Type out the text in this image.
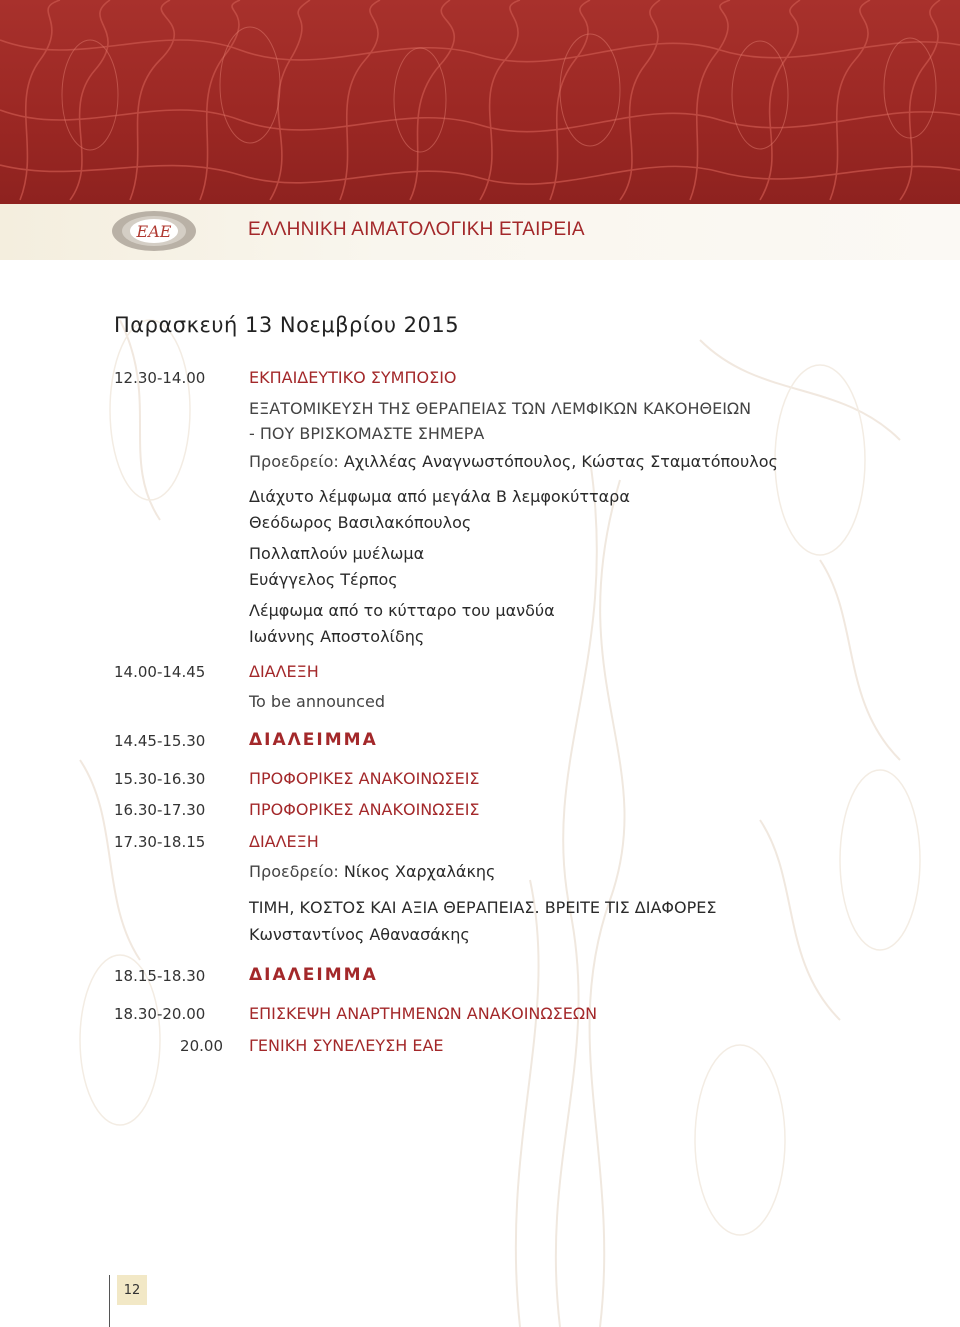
ΕΑΕ	ΕΛΛΗΝΙΚΗ ΑΙΜΑΤΟΛΟΓΙΚΗ ΕΤΑΙΡΕΙΑ
Παρασκευή 13 Νοεμβρίου 2015
12.30-14.00	ΕΚΠΑΙΔΕΥΤΙΚΟ ΣΥΜΠΟΣΙΟ
ΕΞΑΤΟΜΙΚΕΥΣΗ ΤΗΣ ΘΕΡΑΠΕΙΑΣ ΤΩΝ ΛΕΜΦΙΚΩΝ ΚΑΚΟΗΘΕΙΩΝ
- ΠΟΥ ΒΡΙΣΚΟΜΑΣΤΕ ΣΗΜΕΡΑ
Προεδρείο: Αχιλλέας Αναγνωστόπουλος, Κώστας Σταματόπουλος
Διάχυτο λέμφωμα από μεγάλα Β λεμφοκύτταρα
Θεόδωρος Βασιλακόπουλος
Πολλαπλούν μυέλωμα
Ευάγγελος Τέρπος
Λέμφωμα από το κύτταρο του μανδύα
Ιωάννης Αποστολίδης
14.00-14.45	ΔΙΑΛΕΞΗ
To be announced
14.45-15.30	ΔΙΑΛΕΙΜΜΑ
15.30-16.30	ΠΡΟΦΟΡΙΚΕΣ ΑΝΑΚΟΙΝΩΣΕΙΣ
16.30-17.30	ΠΡΟΦΟΡΙΚΕΣ ΑΝΑΚΟΙΝΩΣΕΙΣ
17.30-18.15	ΔΙΑΛΕΞΗ
Προεδρείο: Νίκος Χαρχαλάκης
ΤΙΜΗ, ΚΟΣΤΟΣ ΚΑΙ ΑΞΙΑ ΘΕΡΑΠΕΙΑΣ. ΒΡΕΙΤΕ ΤΙΣ ΔΙΑΦΟΡΕΣ
Κωνσταντίνος Αθανασάκης
18.15-18.30	ΔΙΑΛΕΙΜΜΑ
18.30-20.00	ΕΠΙΣΚΕΨΗ ΑΝΑΡΤΗΜΕΝΩΝ ΑΝΑΚΟΙΝΩΣΕΩΝ
20.00 ΓΕΝΙΚΗ ΣΥΝΕΛΕΥΣΗ ΕΑΕ
12
